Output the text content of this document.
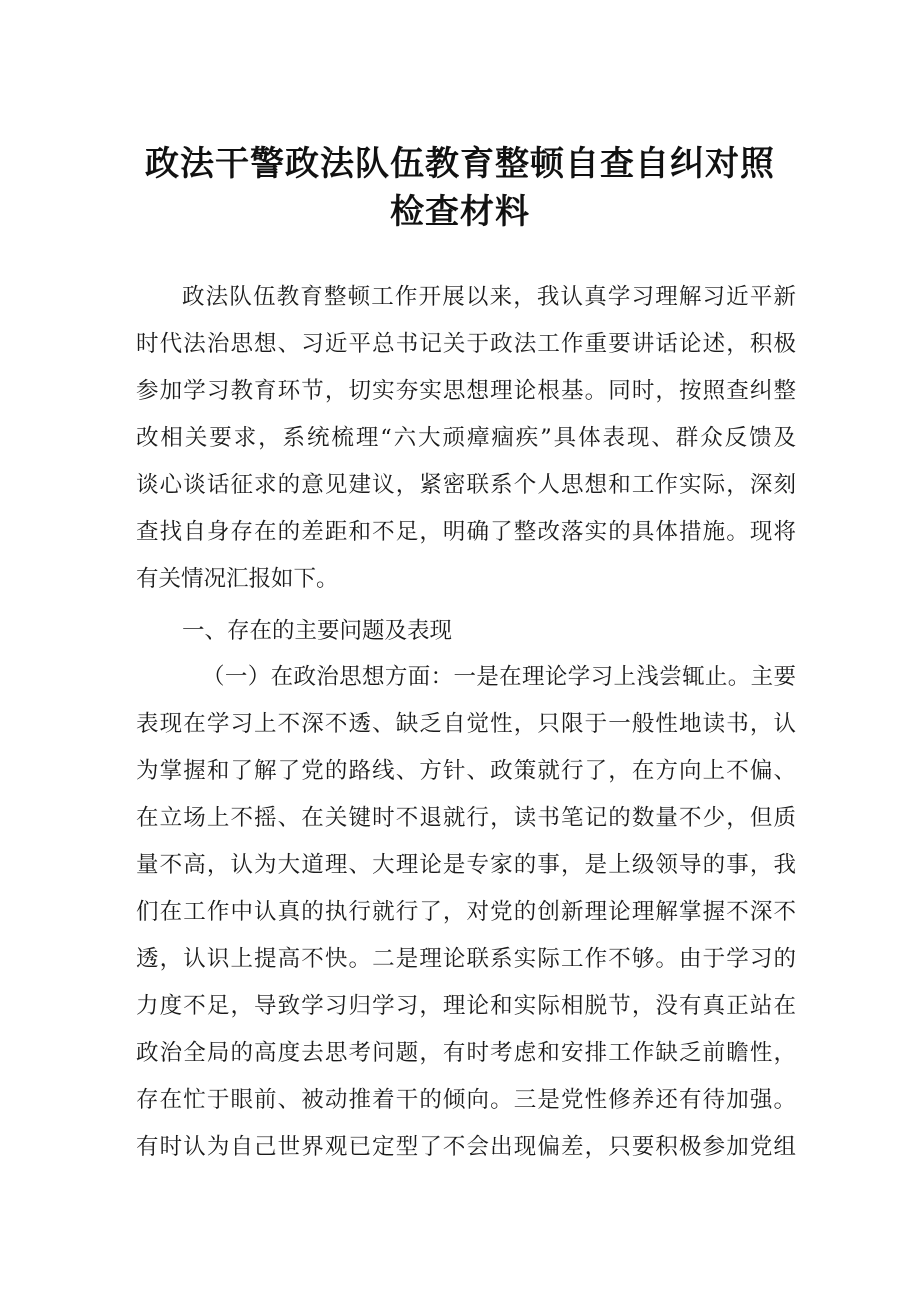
政法干警政法队伍教育整顿自查自纠对照
检查材料
政法队伍教育整顿工作开展以来，我认真学习理解习近平新
时代法治思想、习近平总书记关于政法工作重要讲话论述，积极
参加学习教育环节，切实夯实思想理论根基。同时，按照查纠整
改相关要求，系统梳理“六大顽瘴痼疾”具体表现、群众反馈及
谈心谈话征求的意见建议，紧密联系个人思想和工作实际，深刻
查找自身存在的差距和不足，明确了整改落实的具体措施。现将
有关情况汇报如下。
一、存在的主要问题及表现
（一）在政治思想方面：一是在理论学习上浅尝辄止。主要
表现在学习上不深不透、缺乏自觉性，只限于一般性地读书，认
为掌握和了解了党的路线、方针、政策就行了，在方向上不偏、
在立场上不摇、在关键时不退就行，读书笔记的数量不少，但质
量不高，认为大道理、大理论是专家的事，是上级领导的事，我
们在工作中认真的执行就行了，对党的创新理论理解掌握不深不
透，认识上提高不快。二是理论联系实际工作不够。由于学习的
力度不足，导致学习归学习，理论和实际相脱节，没有真正站在
政治全局的高度去思考问题，有时考虑和安排工作缺乏前瞻性，
存在忙于眼前、被动推着干的倾向。三是党性修养还有待加强。
有时认为自己世界观已定型了不会出现偏差，只要积极参加党组
